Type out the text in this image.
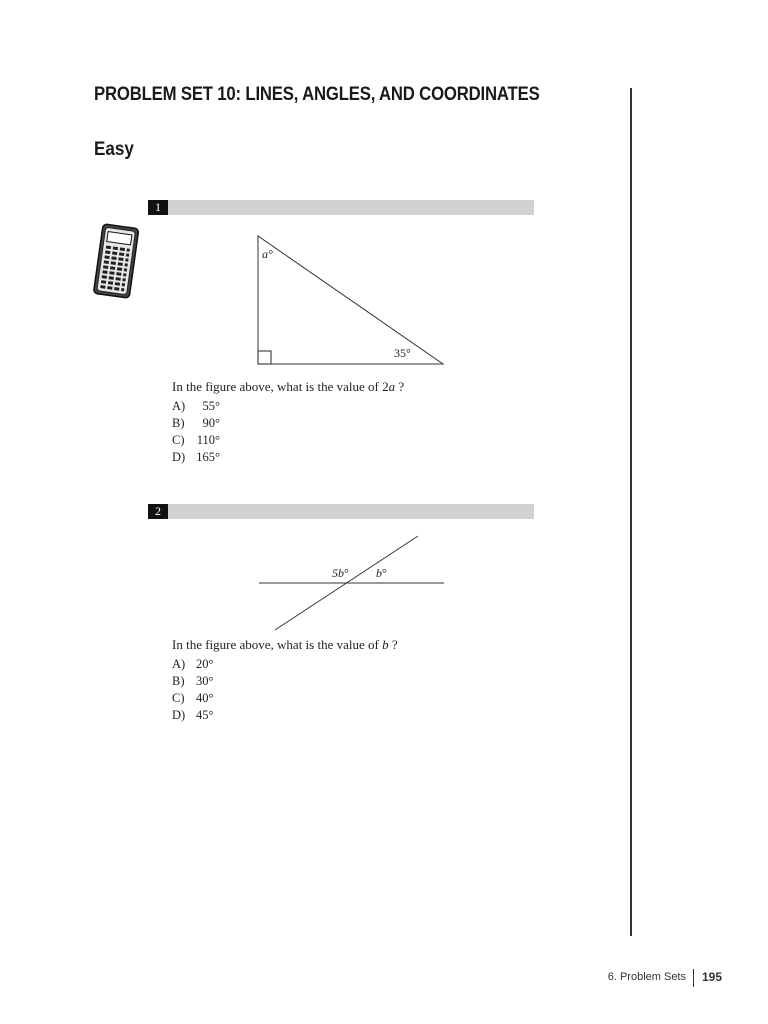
PROBLEM SET 10: LINES, ANGLES, AND COORDINATES
Easy
1
a°
35°
In the figure above, what is the value of 2a ?
A) 55°
B) 90°
C) 110°
D) 165°
2
5b° b°
In the figure above, what is the value of b ?
A) 20°
B) 30°
C) 40°
D) 45°
6. Problem Sets 195
